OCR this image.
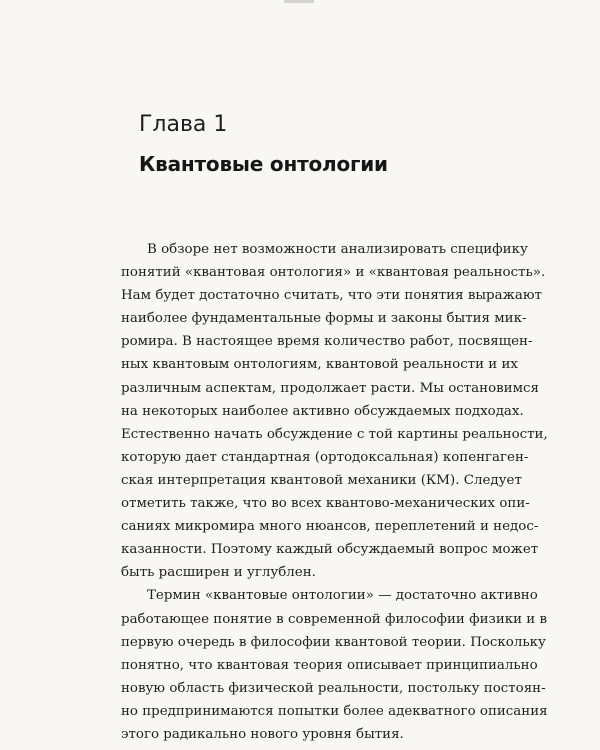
Глава 1
Квантовые онтологии
В обзоре нет возможности анализировать специфику
понятий «квантовая онтология» и «квантовая реальность».
Нам будет достаточно считать, что эти понятия выражают
наиболее фундаментальные формы и законы бытия мик-
ромира. В настоящее время количество работ, посвящен-
ных квантовым онтологиям, квантовой реальности и их
различным аспектам, продолжает расти. Мы остановимся
на некоторых наиболее активно обсуждаемых подходах.
Естественно начать обсуждение с той картины реальности,
которую дает стандартная (ортодоксальная) копенгаген-
ская интерпретация квантовой механики (КМ). Следует
отметить также, что во всех квантово-механических опи-
саниях микромира много нюансов, переплетений и недос-
казанности. Поэтому каждый обсуждаемый вопрос может
быть расширен и углублен.
Термин «квантовые онтологии» — достаточно активно
работающее понятие в современной философии физики и в
первую очередь в философии квантовой теории. Поскольку
понятно, что квантовая теория описывает принципиально
новую область физической реальности, постольку постоян-
но предпринимаются попытки более адекватного описания
этого радикально нового уровня бытия.
